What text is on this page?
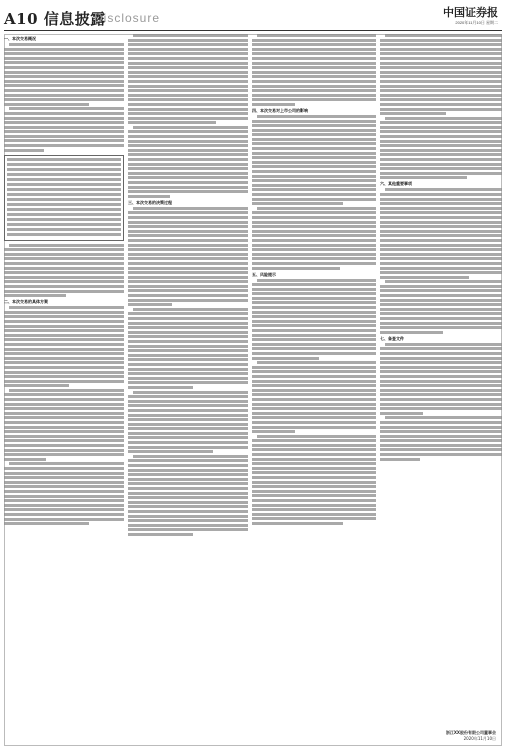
A10 信息披露
Disclosure	中国证券报
2020年11月10日 星期二
一、本次交易概况
二、本次交易的具体方案
三、本次交易的决策过程
四、本次交易对上市公司的影响
五、风险提示
六、其他重要事项
七、备查文件
浙江XX股份有限公司董事会
2020年11月10日
